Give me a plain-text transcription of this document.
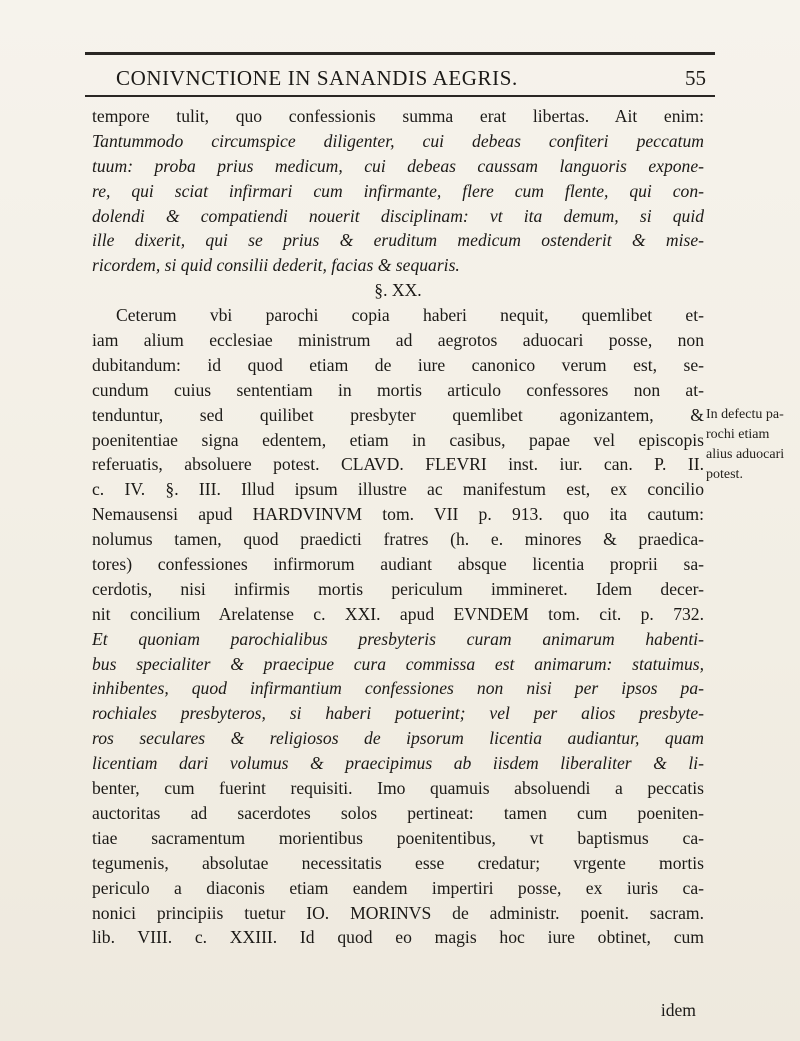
CONIVNCTIONE IN SANANDIS AEGRIS.	55
tempore tulit, quo confessionis summa erat libertas. Ait enim:
Tantummodo circumspice diligenter, cui debeas confiteri peccatum
tuum: proba prius medicum, cui debeas caussam languoris expone-
re, qui sciat infirmari cum infirmante, flere cum flente, qui con-
dolendi & compatiendi nouerit disciplinam: vt ita demum, si quid
ille dixerit, qui se prius & eruditum medicum ostenderit & mise-
ricordem, si quid consilii dederit, facias & sequaris.
§. XX.
Ceterum vbi parochi copia haberi nequit, quemlibet et-
iam alium ecclesiae ministrum ad aegrotos aduocari posse, non
dubitandum: id quod etiam de iure canonico verum est, se-
cundum cuius sententiam in mortis articulo confessores non at-
tenduntur, sed quilibet presbyter quemlibet agonizantem, &
poenitentiae signa edentem, etiam in casibus, papae vel episcopis
referuatis, absoluere potest. CLAVD. FLEVRI inst. iur. can. P. II.
c. IV. §. III. Illud ipsum illustre ac manifestum est, ex concilio
Nemausensi apud HARDVINVM tom. VII p. 913. quo ita cautum:
nolumus tamen, quod praedicti fratres (h. e. minores & praedica-
tores) confessiones infirmorum audiant absque licentia proprii sa-
cerdotis, nisi infirmis mortis periculum immineret. Idem decer-
nit concilium Arelatense c. XXI. apud EVNDEM tom. cit. p. 732.
Et quoniam parochialibus presbyteris curam animarum habenti-
bus specialiter & praecipue cura commissa est animarum: statuimus,
inhibentes, quod infirmantium confessiones non nisi per ipsos pa-
rochiales presbyteros, si haberi potuerint; vel per alios presbyte-
ros seculares & religiosos de ipsorum licentia audiantur, quam
licentiam dari volumus & praecipimus ab iisdem liberaliter & li-
benter, cum fuerint requisiti. Imo quamuis absoluendi a peccatis
auctoritas ad sacerdotes solos pertineat: tamen cum poeniten-
tiae sacramentum morientibus poenitentibus, vt baptismus ca-
tegumenis, absolutae necessitatis esse credatur; vrgente mortis
periculo a diaconis etiam eandem impertiri posse, ex iuris ca-
nonici principiis tuetur IO. MORINVS de administr. poenit. sacram.
lib. VIII. c. XXIII. Id quod eo magis hoc iure obtinet, cum
In defectu pa-
rochi etiam
alius aduocari
potest.
idem
